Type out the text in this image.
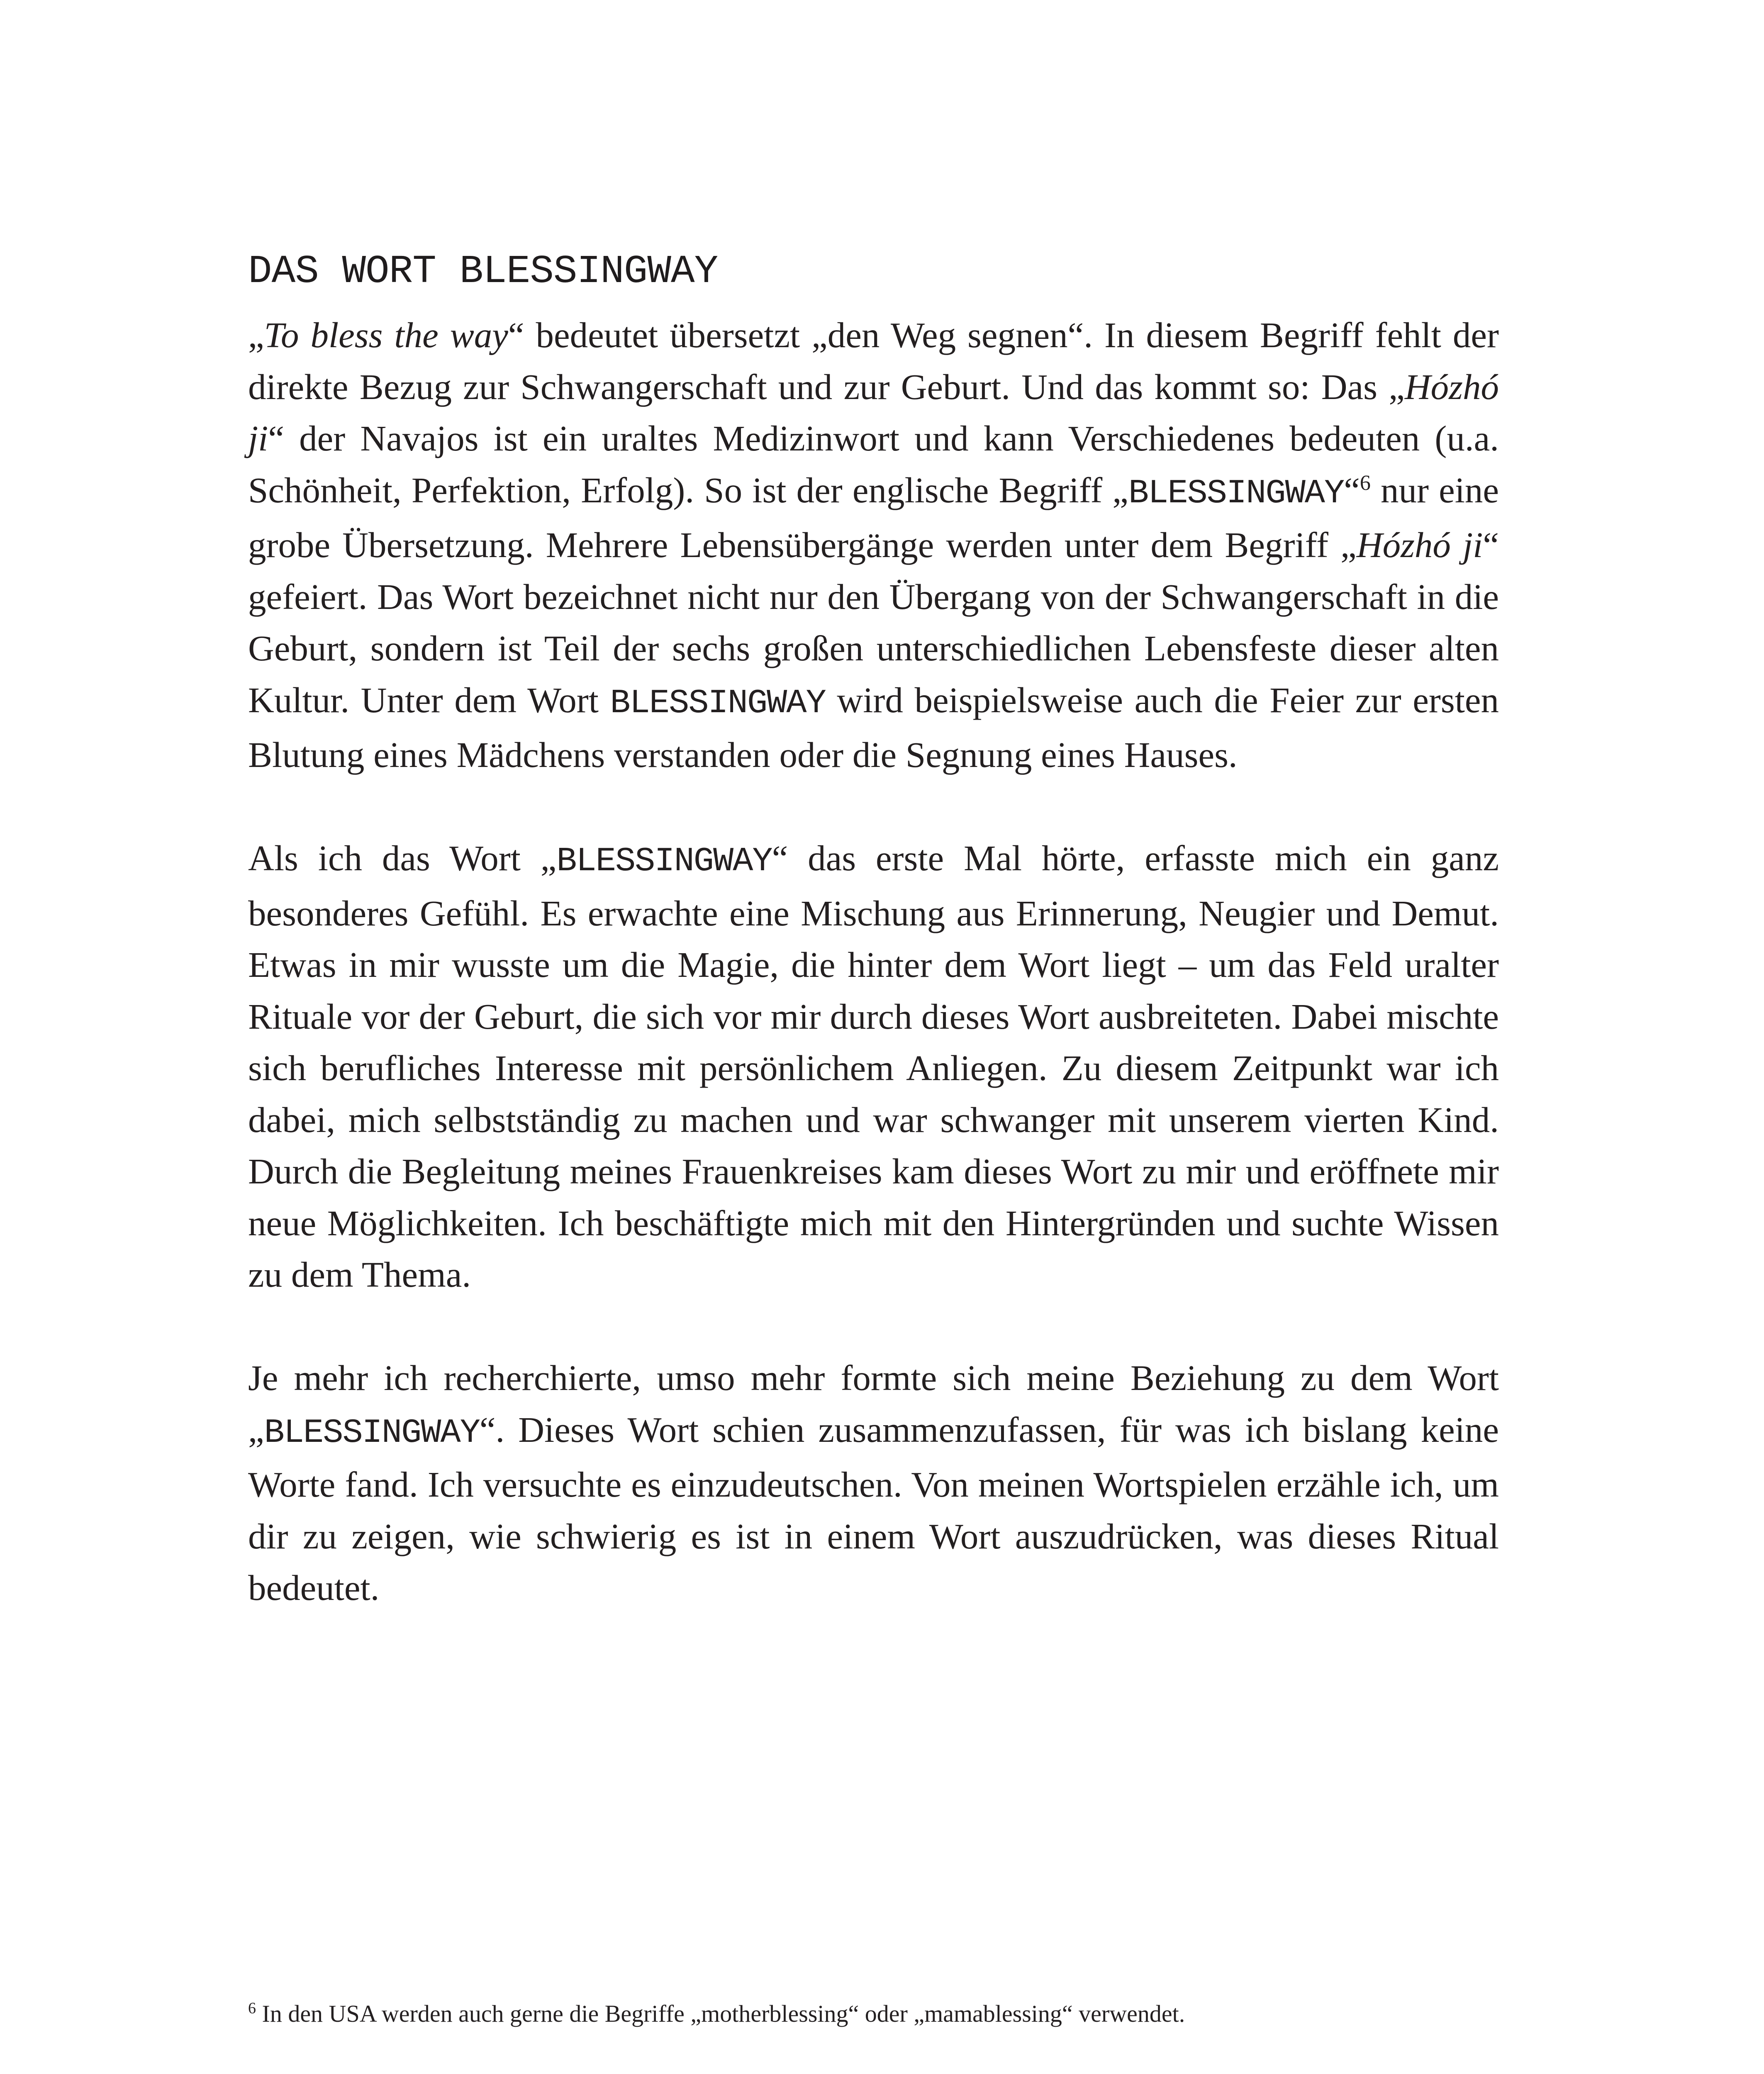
DAS WORT BLESSINGWAY

„To bless the way“ bedeutet übersetzt „den Weg segnen“. In diesem Begriff fehlt der direkte Bezug zur Schwangerschaft und zur Geburt. Und das kommt so: Das „Hózhó ji“ der Navajos ist ein uraltes Medizinwort und kann Verschiedenes bedeuten (u.a. Schönheit, Perfektion, Erfolg). So ist der englische Begriff „BLESSINGWAY“$^6$ nur eine grobe Übersetzung. Mehrere Lebensübergänge werden unter dem Begriff „Hózhó ji“ gefeiert. Das Wort bezeichnet nicht nur den Übergang von der Schwangerschaft in die Geburt, sondern ist Teil der sechs großen unterschiedlichen Lebensfeste dieser alten Kultur. Unter dem Wort BLESSINGWAY wird beispielsweise auch die Feier zur ersten Blutung eines Mädchens verstanden oder die Segnung eines Hauses.

Als ich das Wort „BLESSINGWAY“ das erste Mal hörte, erfasste mich ein ganz besonderes Gefühl. Es erwachte eine Mischung aus Erinnerung, Neugier und Demut. Etwas in mir wusste um die Magie, die hinter dem Wort liegt – um das Feld uralter Rituale vor der Geburt, die sich vor mir durch dieses Wort ausbreiteten. Dabei mischte sich berufliches Interesse mit persönlichem Anliegen. Zu diesem Zeitpunkt war ich dabei, mich selbstständig zu machen und war schwanger mit unserem vierten Kind. Durch die Begleitung meines Frauenkreises kam dieses Wort zu mir und eröffnete mir neue Möglichkeiten. Ich beschäftigte mich mit den Hintergründen und suchte Wissen zu dem Thema.

Je mehr ich recherchierte, umso mehr formte sich meine Beziehung zu dem Wort „BLESSINGWAY“. Dieses Wort schien zusammenzufassen, für was ich bislang keine Worte fand. Ich versuchte es einzudeutschen. Von meinen Wortspielen erzähle ich, um dir zu zeigen, wie schwierig es ist in einem Wort auszudrücken, was dieses Ritual bedeutet.

$^6$ In den USA werden auch gerne die Begriffe „motherblessing“ oder „mamablessing“ verwendet.
